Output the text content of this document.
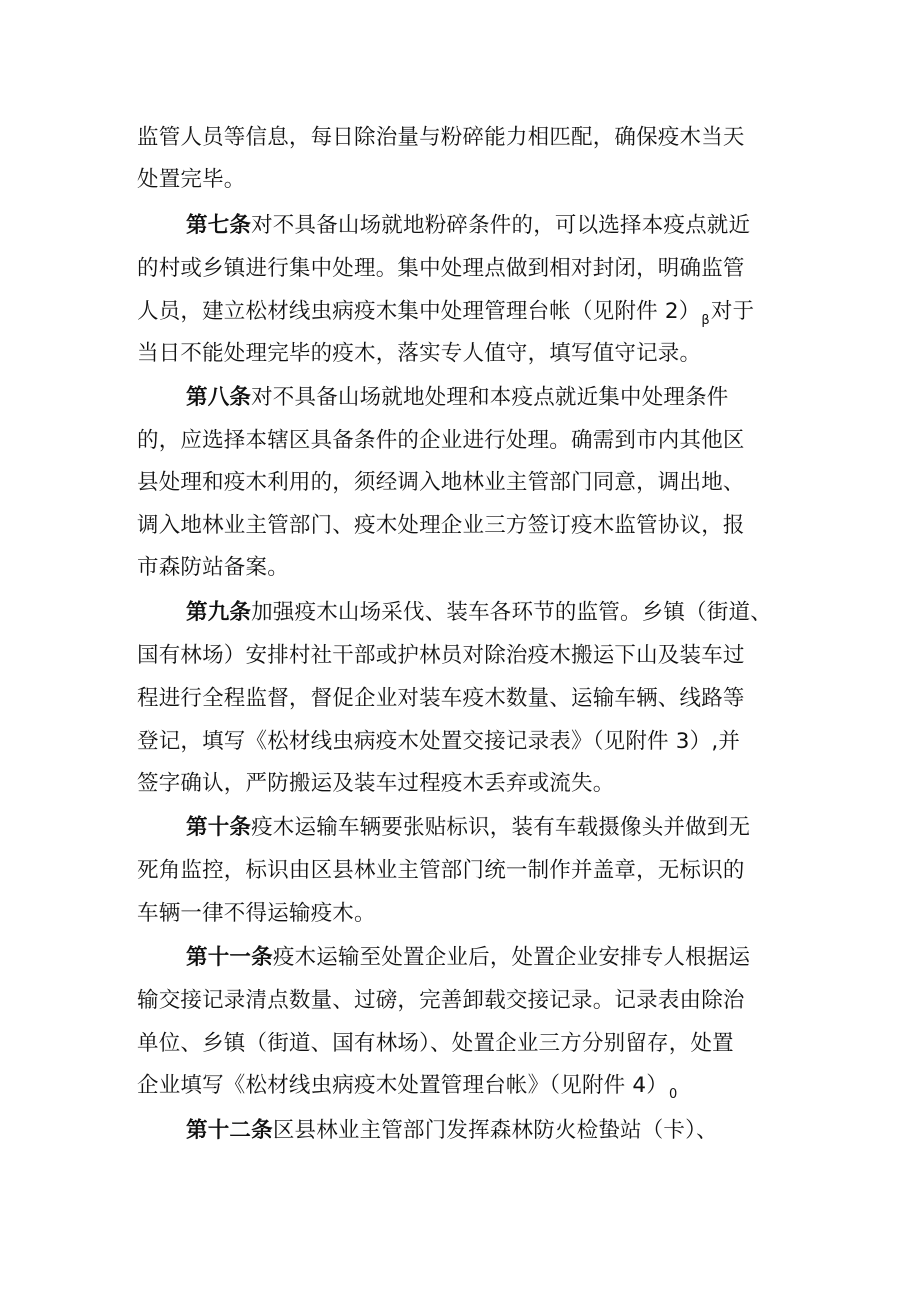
监管人员等信息，每日除治量与粉碎能力相匹配，确保疫木当天
处置完毕。
第七条对不具备山场就地粉碎条件的，可以选择本疫点就近
的村或乡镇进行集中处理。集中处理点做到相对封闭，明确监管
人员，建立松材线虫病疫木集中处理管理台帐（见附件 $2)_\beta$对于
当日不能处理完毕的疫木，落实专人值守，填写值守记录。
第八条对不具备山场就地处理和本疫点就近集中处理条件
的，应选择本辖区具备条件的企业进行处理。确需到市内其他区
县处理和疫木利用的，须经调入地林业主管部门同意，调出地、
调入地林业主管部门、疫木处理企业三方签订疫木监管协议，报
市森防站备案。
第九条加强疫木山场采伐、装车各环节的监管。乡镇（街道、
国有林场）安排村社干部或护林员对除治疫木搬运下山及装车过
程进行全程监督，督促企业对装车疫木数量、运输车辆、线路等
登记，填写《松材线虫病疫木处置交接记录表》（见附件 3）,并
签字确认，严防搬运及装车过程疫木丢弃或流失。
第十条疫木运输车辆要张贴标识，装有车载摄像头并做到无
死角监控，标识由区县林业主管部门统一制作并盖章，无标识的
车辆一律不得运输疫木。
第十一条疫木运输至处置企业后，处置企业安排专人根据运
输交接记录清点数量、过磅，完善卸载交接记录。记录表由除治
单位、乡镇（街道、国有林场）、处置企业三方分别留存，处置
企业填写《松材线虫病疫木处置管理台帐》（见附件 $4)_0$
第十二条区县林业主管部门发挥森林防火检蛰站（卡）、
